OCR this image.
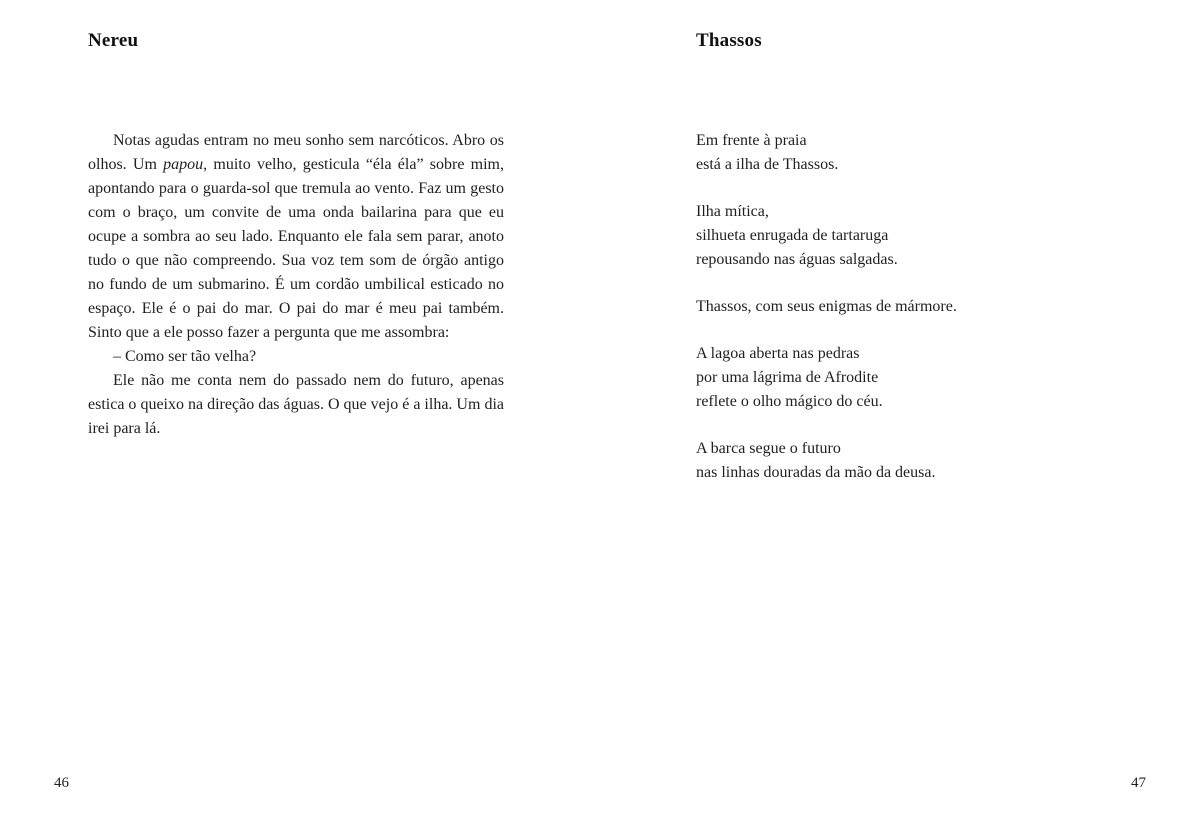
Nereu

Notas agudas entram no meu sonho sem narcóticos. Abro os olhos. Um papou, muito velho, gesticula “éla éla” sobre mim, apontando para o guarda-sol que tremula ao vento. Faz um gesto com o braço, um convite de uma onda bailarina para que eu ocupe a sombra ao seu lado. Enquanto ele fala sem parar, anoto tudo o que não compreendo. Sua voz tem som de órgão antigo no fundo de um submarino. É um cordão umbilical esticado no espaço. Ele é o pai do mar. O pai do mar é meu pai também. Sinto que a ele posso fazer a pergunta que me assombra:

– Como ser tão velha?

Ele não me conta nem do passado nem do futuro, apenas estica o queixo na direção das águas. O que vejo é a ilha. Um dia irei para lá.

46
Thassos
Em frente à praia
está a ilha de Thassos.
Ilha mítica,
silhueta enrugada de tartaruga
repousando nas águas salgadas.
Thassos, com seus enigmas de mármore.
A lagoa aberta nas pedras
por uma lágrima de Afrodite
reflete o olho mágico do céu.
A barca segue o futuro
nas linhas douradas da mão da deusa.
47
